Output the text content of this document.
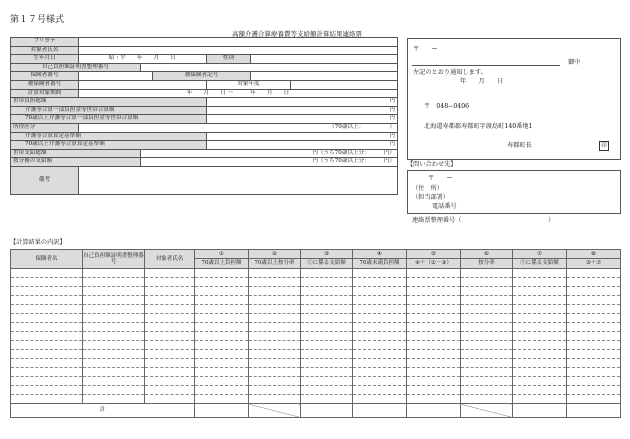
第１７号様式
高額介護合算療養費等支給額計算結果連絡票
フリガナ						
対象者氏名						
生年月日	昭・平　　年　　月　　日			性別		
自己負担額証明書整理番号						
保険者番号			被保険者記号			
被保険者番号				対象年度		
計算対象期間	年　　月　　日 ～　　　年　　月　　日					
世帯負担総額				円		
介護等合算一部負担金等世帯合算額				円		
70歳以上介護等合算一部負担金等世帯合算額				円		
所得区分	（70歳以上：　　　　　）					
介護等合算算定基準額				円		
70歳以上介護等合算算定基準額				円		
世帯支給総額		円（うち70歳以上分：　　　円）				
按分後の支給額		円（うち70歳以上分：　　　円）				
備考						
〒　　ー
御中
左記のとおり通知します。
年　　月　　日
〒　048−0406
北海道寿都郡寿都町字渡島町140番地1
寿都町長	印
【問い合わせ先】
〒　　ー
（住　所）
（担当部署）
電話番号
連絡票整理番号（　　　　　　　　　　　　　　）
【計算結果の内訳】
保険者名	自己負担額証明書整理番号	対象者氏名	①	②	③	④	⑤	⑥	⑦	⑧
			70歳以上負担額	70歳以上按分率	①に係る支給額	70歳未満負担額	④＋（①－③）	按分率	⑤に係る支給額	③＋⑦

計										
